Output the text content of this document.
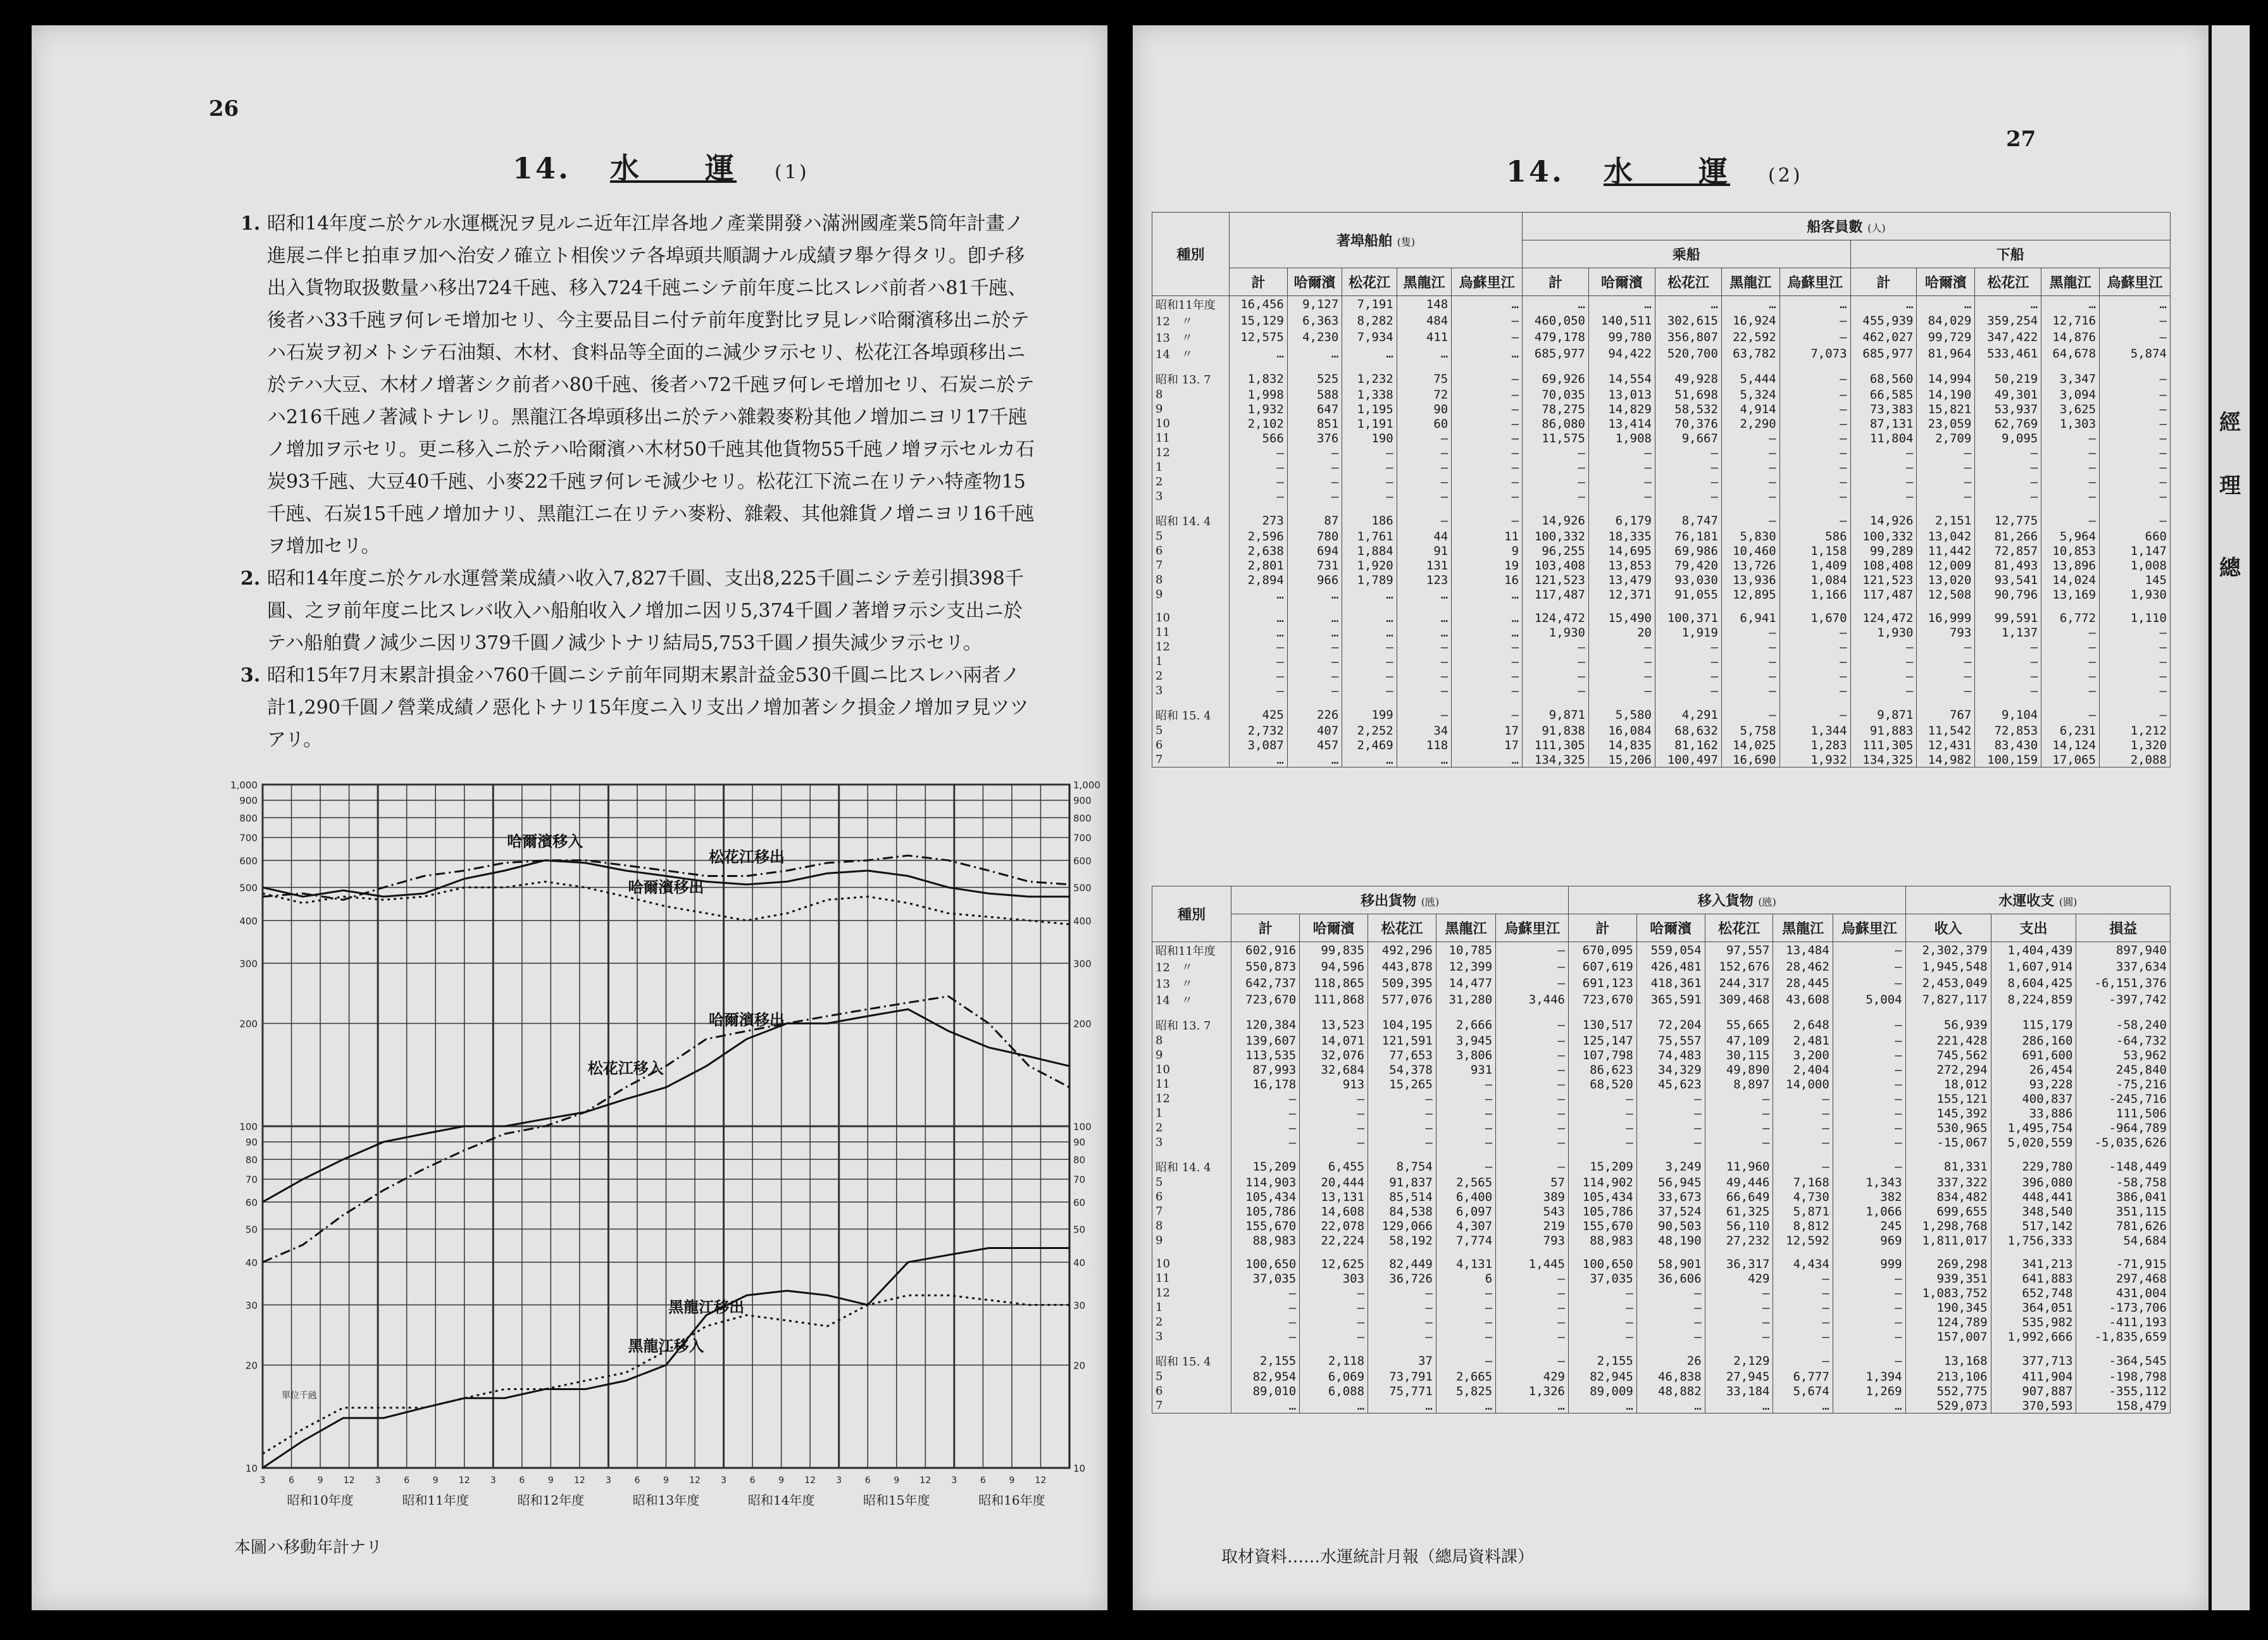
26
14. 水　　運 (1)
1. 昭和14年度ニ於ケル水運概況ヲ見ルニ近年江岸各地ノ產業開發ハ滿洲國產業5筒年計畫ノ進展ニ伴ヒ拍車ヲ加ヘ治安ノ確立ト相俟ツテ各埠頭共順調ナル成績ヲ舉ケ得タリ。卽チ移出入貨物取扱數量ハ移出724千瓲、移入724千瓲ニシテ前年度ニ比スレバ前者ハ81千瓲、後者ハ33千瓲ヲ何レモ增加セリ、今主要品目ニ付テ前年度對比ヲ見レバ哈爾濱移出ニ於テハ石炭ヲ初メトシテ石油類、木材、食料品等全面的ニ減少ヲ示セリ、松花江各埠頭移出ニ於テハ大豆、木材ノ增著シク前者ハ80千瓲、後者ハ72千瓲ヲ何レモ增加セリ、石炭ニ於テハ216千瓲ノ著減トナレリ。黑龍江各埠頭移出ニ於テハ雜穀麥粉其他ノ增加ニヨリ17千瓲ノ增加ヲ示セリ。更ニ移入ニ於テハ哈爾濱ハ木材50千瓲其他貨物55千瓲ノ增ヲ示セルカ石炭93千瓲、大豆40千瓲、小麥22千瓲ヲ何レモ減少セリ。松花江下流ニ在リテハ特產物15千瓲、石炭15千瓲ノ增加ナリ、黑龍江ニ在リテハ麥粉、雜穀、其他雜貨ノ增ニヨリ16千瓲ヲ增加セリ。
2. 昭和14年度ニ於ケル水運營業成績ハ收入7,827千圓、支出8,225千圓ニシテ差引損398千圓、之ヲ前年度ニ比スレバ收入ハ船舶收入ノ增加ニ因リ5,374千圓ノ著增ヲ示シ支出ニ於テハ船舶費ノ減少ニ因リ379千圓ノ減少トナリ結局5,753千圓ノ損失減少ヲ示セリ。
3. 昭和15年7月末累計損金ハ760千圓ニシテ前年同期末累計益金530千圓ニ比スレハ兩者ノ計1,290千圓ノ營業成績ノ惡化トナリ15年度ニ入リ支出ノ增加著シク損金ノ增加ヲ見ツツアリ。
10	10
20	20
30	30
40	40
50	50
60	60
70	70
80	80
90	90
100	100
200	200
300	300
400	400
500	500
600	600
700	700
800	800
900	900
1,000	1,000
單位千瓲
3	6	9 12
昭和10年度
3	6	9 12
昭和11年度
3	6	9 12
昭和12年度
3	6	9 12
昭和13年度
3	6	9 12
昭和14年度
3	6	9 12
昭和15年度
3	6	9 12
昭和16年度
松花江移出
哈爾濱移入
哈爾濱移出
松花江移入
哈爾濱移出
黑龍江移入
黑龍江移出
本圖ハ移動年計ナリ
14. 水　　運 (2)
27
種別	著埠船舶 (隻)					船客員數 (人)									
						乘船					下船				
	計	哈爾濱	松花江	黑龍江	烏蘇里江	計	哈爾濱	松花江	黑龍江	烏蘇里江	計	哈爾濱	松花江	黑龍江	烏蘇里江
昭和11年度	16,456	9,127	7,191	148	…	…	…	…	…	…	…	…	…	…	…
12　〃	15,129	6,363	8,282	484	—	460,050	140,511	302,615	16,924	—	455,939	84,029	359,254	12,716	—
13　〃	12,575	4,230	7,934	411	—	479,178	99,780	356,807	22,592	—	462,027	99,729	347,422	14,876	—
14　〃	…	…	…	…	…	685,977	94,422	520,700	63,782	7,073	685,977	81,964	533,461	64,678	5,874

昭和 13. 7	1,832	525	1,232	75	—	69,926	14,554	49,928	5,444	—	68,560	14,994	50,219	3,347	—
8	1,998	588	1,338	72	—	70,035	13,013	51,698	5,324	—	66,585	14,190	49,301	3,094	—
9	1,932	647	1,195	90	—	78,275	14,829	58,532	4,914	—	73,383	15,821	53,937	3,625	—
10	2,102	851	1,191	60	—	86,080	13,414	70,376	2,290	—	87,131	23,059	62,769	1,303	—
11	566	376	190	—	—	11,575	1,908	9,667	—	—	11,804	2,709	9,095	—	—
12	—	—	—	—	—	—	—	—	—	—	—	—	—	—	—
1	—	—	—	—	—	—	—	—	—	—	—	—	—	—	—
2	—	—	—	—	—	—	—	—	—	—	—	—	—	—	—
3	—	—	—	—	—	—	—	—	—	—	—	—	—	—	—

昭和 14. 4	273	87	186	—	—	14,926	6,179	8,747	—	—	14,926	2,151	12,775	—	—
5	2,596	780	1,761	44	11	100,332	18,335	76,181	5,830	586	100,332	13,042	81,266	5,964	660
6	2,638	694	1,884	91	9	96,255	14,695	69,986	10,460	1,158	99,289	11,442	72,857	10,853	1,147
7	2,801	731	1,920	131	19	103,408	13,853	79,420	13,726	1,409	108,408	12,009	81,493	13,896	1,008
8	2,894	966	1,789	123	16	121,523	13,479	93,030	13,936	1,084	121,523	13,020	93,541	14,024	145
9	…	…	…	…	…	117,487	12,371	91,055	12,895	1,166	117,487	12,508	90,796	13,169	1,930

10	…	…	…	…	…	124,472	15,490	100,371	6,941	1,670	124,472	16,999	99,591	6,772	1,110
11	…	…	…	…	…	1,930	20	1,919	—	—	1,930	793	1,137	—	—
12	—	—	—	—	—	—	—	—	—	—	—	—	—	—	—
1	—	—	—	—	—	—	—	—	—	—	—	—	—	—	—
2	—	—	—	—	—	—	—	—	—	—	—	—	—	—	—
3	—	—	—	—	—	—	—	—	—	—	—	—	—	—	—

昭和 15. 4	425	226	199	—	—	9,871	5,580	4,291	—	—	9,871	767	9,104	—	—
5	2,732	407	2,252	34	17	91,838	16,084	68,632	5,758	1,344	91,883	11,542	72,853	6,231	1,212
6	3,087	457	2,469	118	17	111,305	14,835	81,162	14,025	1,283	111,305	12,431	83,430	14,124	1,320
7	…	…	…	…	…	134,325	15,206	100,497	16,690	1,932	134,325	14,982	100,159	17,065	2,088
種別	移出貨物 (瓲)					移入貨物 (瓲)					水運收支 (圓)		
	計	哈爾濱	松花江	黑龍江	烏蘇里江	計	哈爾濱	松花江	黑龍江	烏蘇里江	收入	支出	損益
昭和11年度	602,916	99,835	492,296	10,785	—	670,095	559,054	97,557	13,484	—	2,302,379	1,404,439	897,940
12　〃	550,873	94,596	443,878	12,399	—	607,619	426,481	152,676	28,462	—	1,945,548	1,607,914	337,634
13　〃	642,737	118,865	509,395	14,477	—	691,123	418,361	244,317	28,445	—	2,453,049	8,604,425	-6,151,376
14　〃	723,670	111,868	577,076	31,280	3,446	723,670	365,591	309,468	43,608	5,004	7,827,117	8,224,859	-397,742

昭和 13. 7	120,384	13,523	104,195	2,666	—	130,517	72,204	55,665	2,648	—	56,939	115,179	-58,240
8	139,607	14,071	121,591	3,945	—	125,147	75,557	47,109	2,481	—	221,428	286,160	-64,732
9	113,535	32,076	77,653	3,806	—	107,798	74,483	30,115	3,200	—	745,562	691,600	53,962
10	87,993	32,684	54,378	931	—	86,623	34,329	49,890	2,404	—	272,294	26,454	245,840
11	16,178	913	15,265	—	—	68,520	45,623	8,897	14,000	—	18,012	93,228	-75,216
12	—	—	—	—	—	—	—	—	—	—	155,121	400,837	-245,716
1	—	—	—	—	—	—	—	—	—	—	145,392	33,886	111,506
2	—	—	—	—	—	—	—	—	—	—	530,965	1,495,754	-964,789
3	—	—	—	—	—	—	—	—	—	—	-15,067	5,020,559	-5,035,626

昭和 14. 4	15,209	6,455	8,754	—	—	15,209	3,249	11,960	—	—	81,331	229,780	-148,449
5	114,903	20,444	91,837	2,565	57	114,902	56,945	49,446	7,168	1,343	337,322	396,080	-58,758
6	105,434	13,131	85,514	6,400	389	105,434	33,673	66,649	4,730	382	834,482	448,441	386,041
7	105,786	14,608	84,538	6,097	543	105,786	37,524	61,325	5,871	1,066	699,655	348,540	351,115
8	155,670	22,078	129,066	4,307	219	155,670	90,503	56,110	8,812	245	1,298,768	517,142	781,626
9	88,983	22,224	58,192	7,774	793	88,983	48,190	27,232	12,592	969	1,811,017	1,756,333	54,684

10	100,650	12,625	82,449	4,131	1,445	100,650	58,901	36,317	4,434	999	269,298	341,213	-71,915
11	37,035	303	36,726	6	—	37,035	36,606	429	—	—	939,351	641,883	297,468
12	—	—	—	—	—	—	—	—	—	—	1,083,752	652,748	431,004
1	—	—	—	—	—	—	—	—	—	—	190,345	364,051	-173,706
2	—	—	—	—	—	—	—	—	—	—	124,789	535,982	-411,193
3	—	—	—	—	—	—	—	—	—	—	157,007	1,992,666	-1,835,659

昭和 15. 4	2,155	2,118	37	—	—	2,155	26	2,129	—	—	13,168	377,713	-364,545
5	82,954	6,069	73,791	2,665	429	82,945	46,838	27,945	6,777	1,394	213,106	411,904	-198,798
6	89,010	6,088	75,771	5,825	1,326	89,009	48,882	33,184	5,674	1,269	552,775	907,887	-355,112
7	…	…	…	…	…	…	…	…	…	…	529,073	370,593	158,479
取材資料……水運統計月報（總局資料課）
經
理
總
